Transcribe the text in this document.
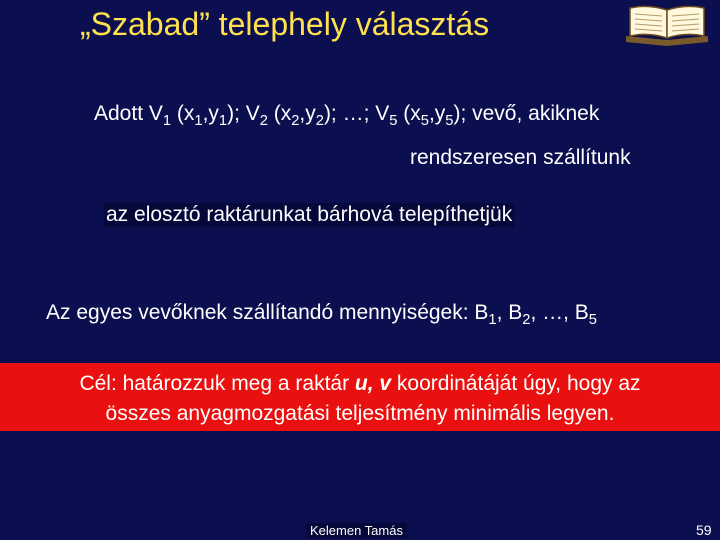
„Szabad” telephely választás
Adott $V_1$ $(x_1,y_1)$; $V_2$ $(x_2,y_2)$; …; $V_5$ $(x_5,y_5)$; vevő, akiknek
rendszeresen szállítunk
az elosztó raktárunkat bárhová telepíthetjük
Az egyes vevőknek szállítandó mennyiségek: $B_1$, $B_2$, …, $B_5$
Cél: határozzuk meg a raktár u, v koordinátáját úgy, hogy az
összes anyagmozgatási teljesítmény minimális legyen.
Kelemen Tamás	59
